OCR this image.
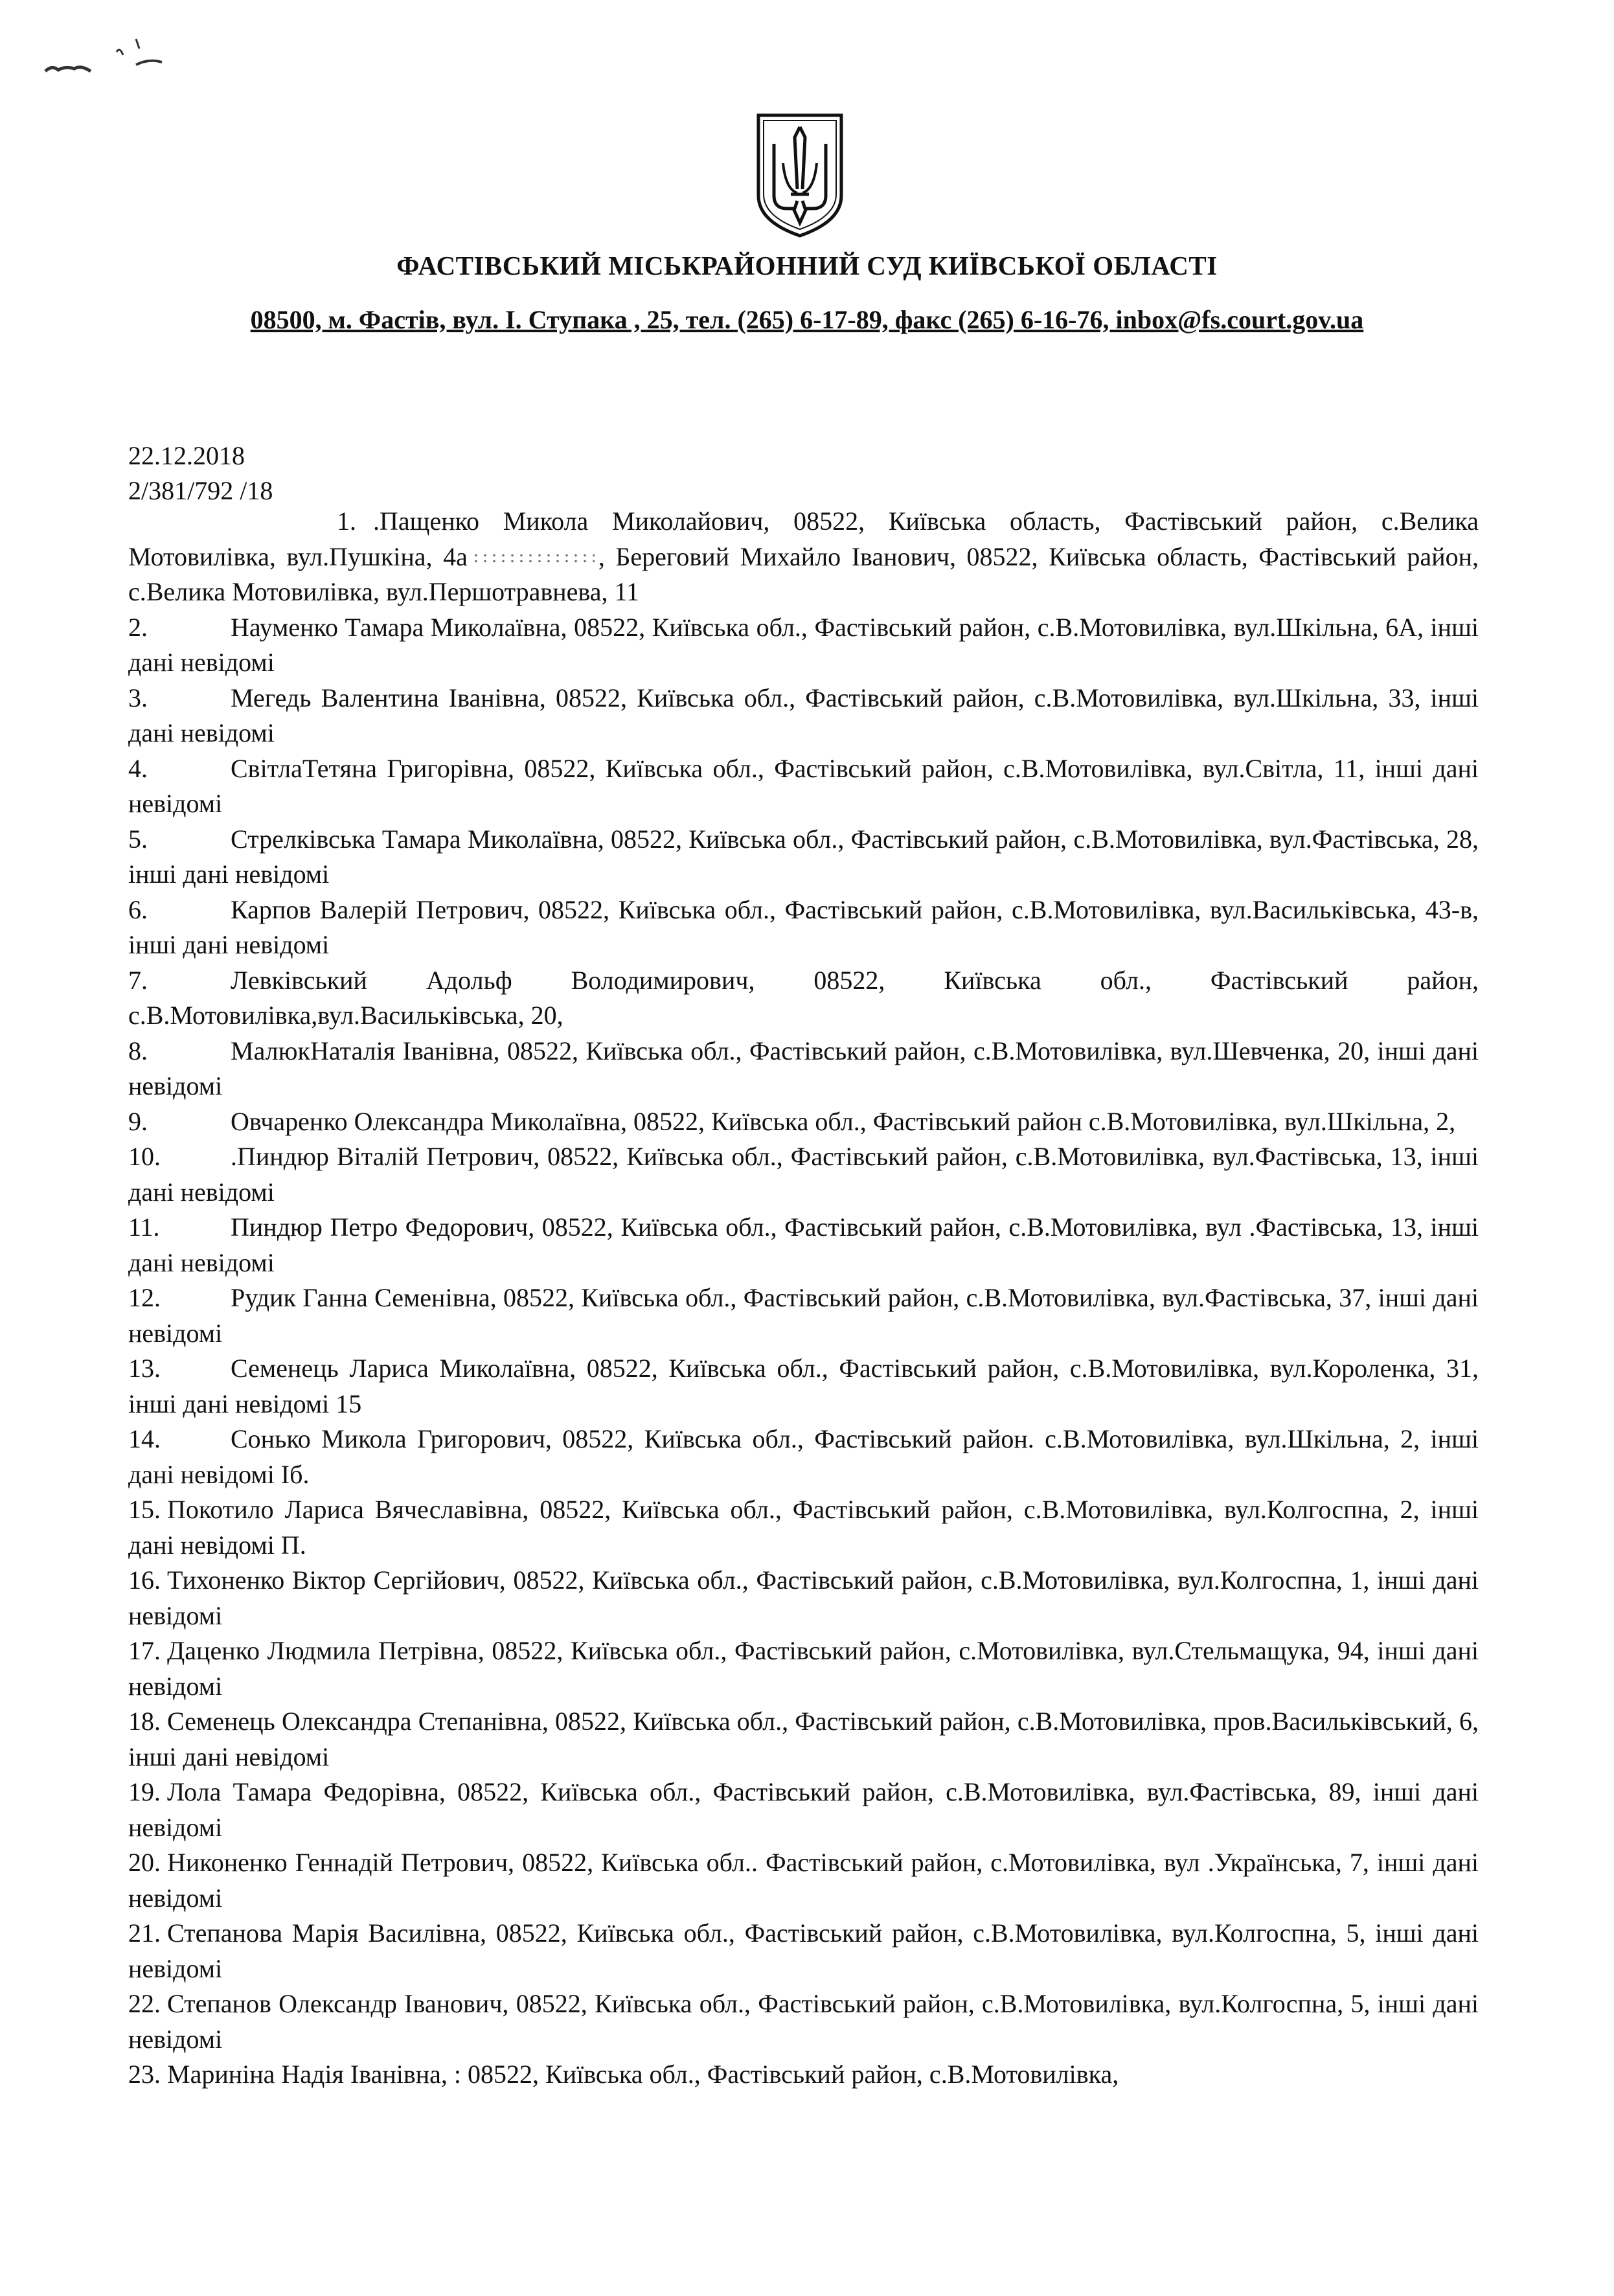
ФАСТІВСЬКИЙ МІСЬКРАЙОННИЙ СУД КИЇВСЬКОЇ ОБЛАСТІ
08500, м. Фастів, вул. І. Ступака , 25, тел. (265) 6-17-89, факс (265) 6-16-76, inbox@fs.court.gov.ua
22.12.2018
2/381/792 /18

1. .Пащенко Микола Миколайович, 08522, Київська область, Фастівський район, с.Велика Мотовилівка, вул.Пушкіна, 4а	, Береговий Михайло Іванович, 08522, Київська область, Фастівський район, с.Велика Мотовилівка, вул.Першотравнева, 11

2.	Науменко Тамара Миколаївна, 08522, Київська обл., Фастівський район, с.В.Мотовилівка, вул.Шкільна, 6А, інші дані невідомі

3.	Мегедь Валентина Іванівна, 08522, Київська обл., Фастівський район, с.В.Мотовилівка, вул.Шкільна, 33, інші дані невідомі

4.	СвітлаТетяна Григорівна, 08522, Київська обл., Фастівський район, с.В.Мотовилівка, вул.Світла, 11, інші дані невідомі

5.	Стрелківська Тамара Миколаївна, 08522, Київська обл., Фастівський район, с.В.Мотовилівка, вул.Фастівська, 28, інші дані невідомі

6.	Карпов Валерій Петрович, 08522, Київська обл., Фастівський район, с.В.Мотовилівка, вул.Васильківська, 43-в, інші дані невідомі

7.	Левківський Адольф Володимирович, 08522, Київська обл., Фастівський район, с.В.Мотовилівка,вул.Васильківська, 20,

8.	МалюкНаталія Іванівна, 08522, Київська обл., Фастівський район, с.В.Мотовилівка, вул.Шевченка, 20, інші дані невідомі

9.	Овчаренко Олександра Миколаївна, 08522, Київська обл., Фастівський район с.В.Мотовилівка, вул.Шкільна, 2,

10.	.Пиндюр Віталій Петрович, 08522, Київська обл., Фастівський район, с.В.Мотовилівка, вул.Фастівська, 13, інші дані невідомі

11.	Пиндюр Петро Федорович, 08522, Київська обл., Фастівський район, с.В.Мотовилівка, вул .Фастівська, 13, інші дані невідомі

12.	Рудик Ганна Семенівна, 08522, Київська обл., Фастівський район, с.В.Мотовилівка, вул.Фастівська, 37, інші дані невідомі

13.	Семенець Лариса Миколаївна, 08522, Київська обл., Фастівський район, с.В.Мотовилівка, вул.Короленка, 31, інші дані невідомі 15

14.	Сонько Микола Григорович, 08522, Київська обл., Фастівський район. с.В.Мотовилівка, вул.Шкільна, 2, інші дані невідомі Іб.

15. Покотило Лариса Вячеславівна, 08522, Київська обл., Фастівський район, с.В.Мотовилівка, вул.Колгоспна, 2, інші дані невідомі П.

16. Тихоненко Віктор Сергійович, 08522, Київська обл., Фастівський район, с.В.Мотовилівка, вул.Колгоспна, 1, інші дані невідомі

17. Даценко Людмила Петрівна, 08522, Київська обл., Фастівський район, с.Мотовилівка, вул.Стельмащука, 94, інші дані невідомі

18. Семенець Олександра Степанівна, 08522, Київська обл., Фастівський район, с.В.Мотовилівка, пров.Васильківський, 6, інші дані невідомі

19. Лола Тамара Федорівна, 08522, Київська обл., Фастівський район, с.В.Мотовилівка, вул.Фастівська, 89, інші дані невідомі

20. Никоненко Геннадій Петрович, 08522, Київська обл.. Фастівський район, с.Мотовилівка, вул .Українська, 7, інші дані невідомі

21. Степанова Марія Василівна, 08522, Київська обл., Фастівський район, с.В.Мотовилівка, вул.Колгоспна, 5, інші дані невідомі

22. Степанов Олександр Іванович, 08522, Київська обл., Фастівський район, с.В.Мотовилівка, вул.Колгоспна, 5, інші дані невідомі

23. Мариніна Надія Іванівна, : 08522, Київська обл., Фастівський район, с.В.Мотовилівка,
